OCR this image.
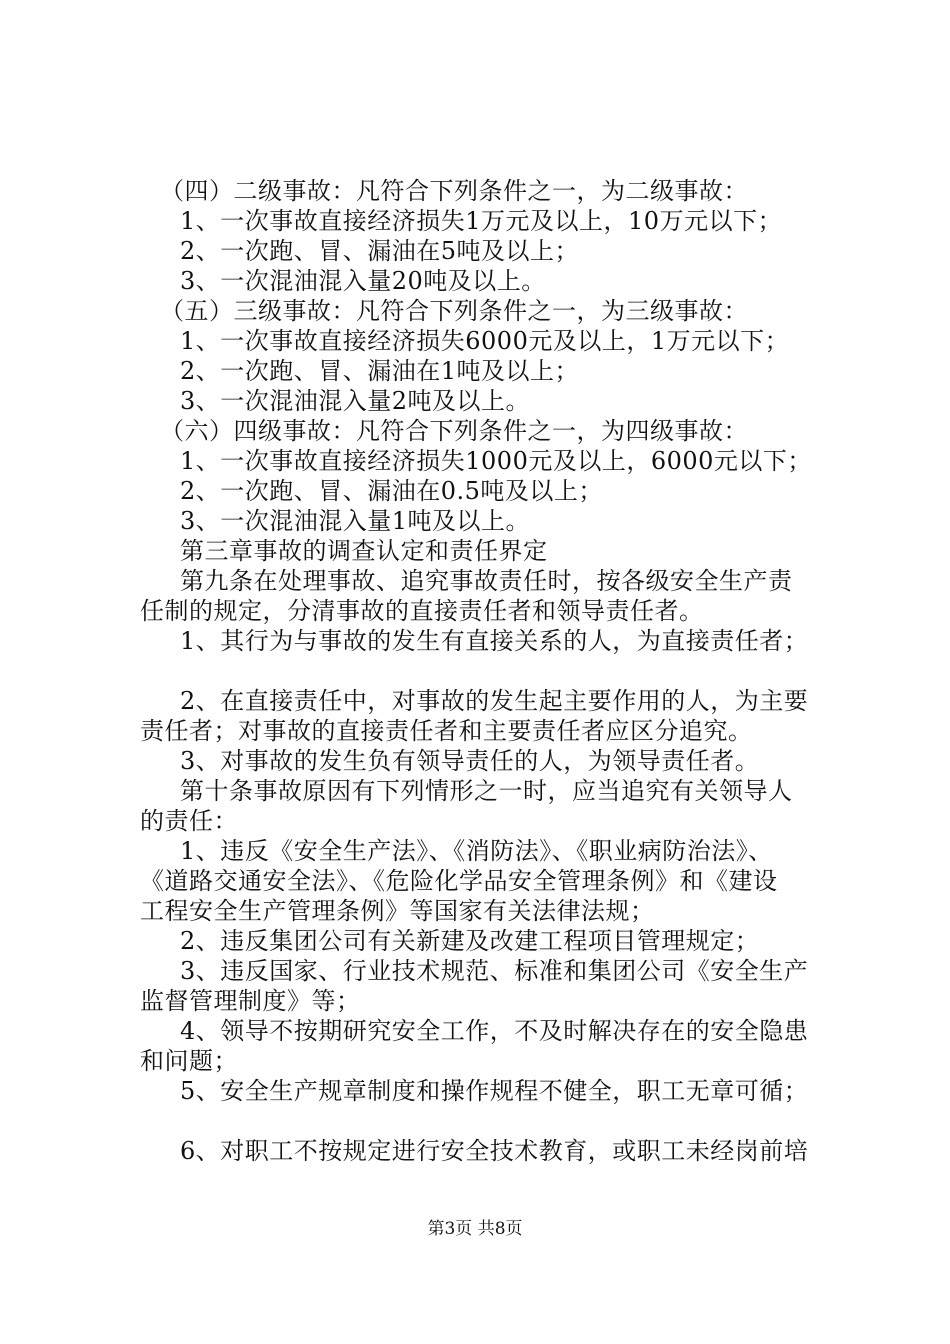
（四）二级事故：凡符合下列条件之一，为二级事故：
1、一次事故直接经济损失1万元及以上，10万元以下；
2、一次跑、冒、漏油在5吨及以上；
3、一次混油混入量20吨及以上。
（五）三级事故：凡符合下列条件之一，为三级事故：
1、一次事故直接经济损失6000元及以上，1万元以下；
2、一次跑、冒、漏油在1吨及以上；
3、一次混油混入量2吨及以上。
（六）四级事故：凡符合下列条件之一，为四级事故：
1、一次事故直接经济损失1000元及以上，6000元以下；
2、一次跑、冒、漏油在0.5吨及以上；
3、一次混油混入量1吨及以上。
第三章事故的调查认定和责任界定
第九条在处理事故、追究事故责任时，按各级安全生产责
任制的规定，分清事故的直接责任者和领导责任者。
1、其行为与事故的发生有直接关系的人，为直接责任者；
2、在直接责任中，对事故的发生起主要作用的人，为主要
责任者；对事故的直接责任者和主要责任者应区分追究。
3、对事故的发生负有领导责任的人，为领导责任者。
第十条事故原因有下列情形之一时，应当追究有关领导人
的责任：
1、违反《安全生产法》、《消防法》、《职业病防治法》、
《道路交通安全法》、《危险化学品安全管理条例》和《建设
工程安全生产管理条例》等国家有关法律法规；
2、违反集团公司有关新建及改建工程项目管理规定；
3、违反国家、行业技术规范、标准和集团公司《安全生产
监督管理制度》等；
4、领导不按期研究安全工作，不及时解决存在的安全隐患
和问题；
5、安全生产规章制度和操作规程不健全，职工无章可循；
6、对职工不按规定进行安全技术教育，或职工未经岗前培
第3页 共8页
